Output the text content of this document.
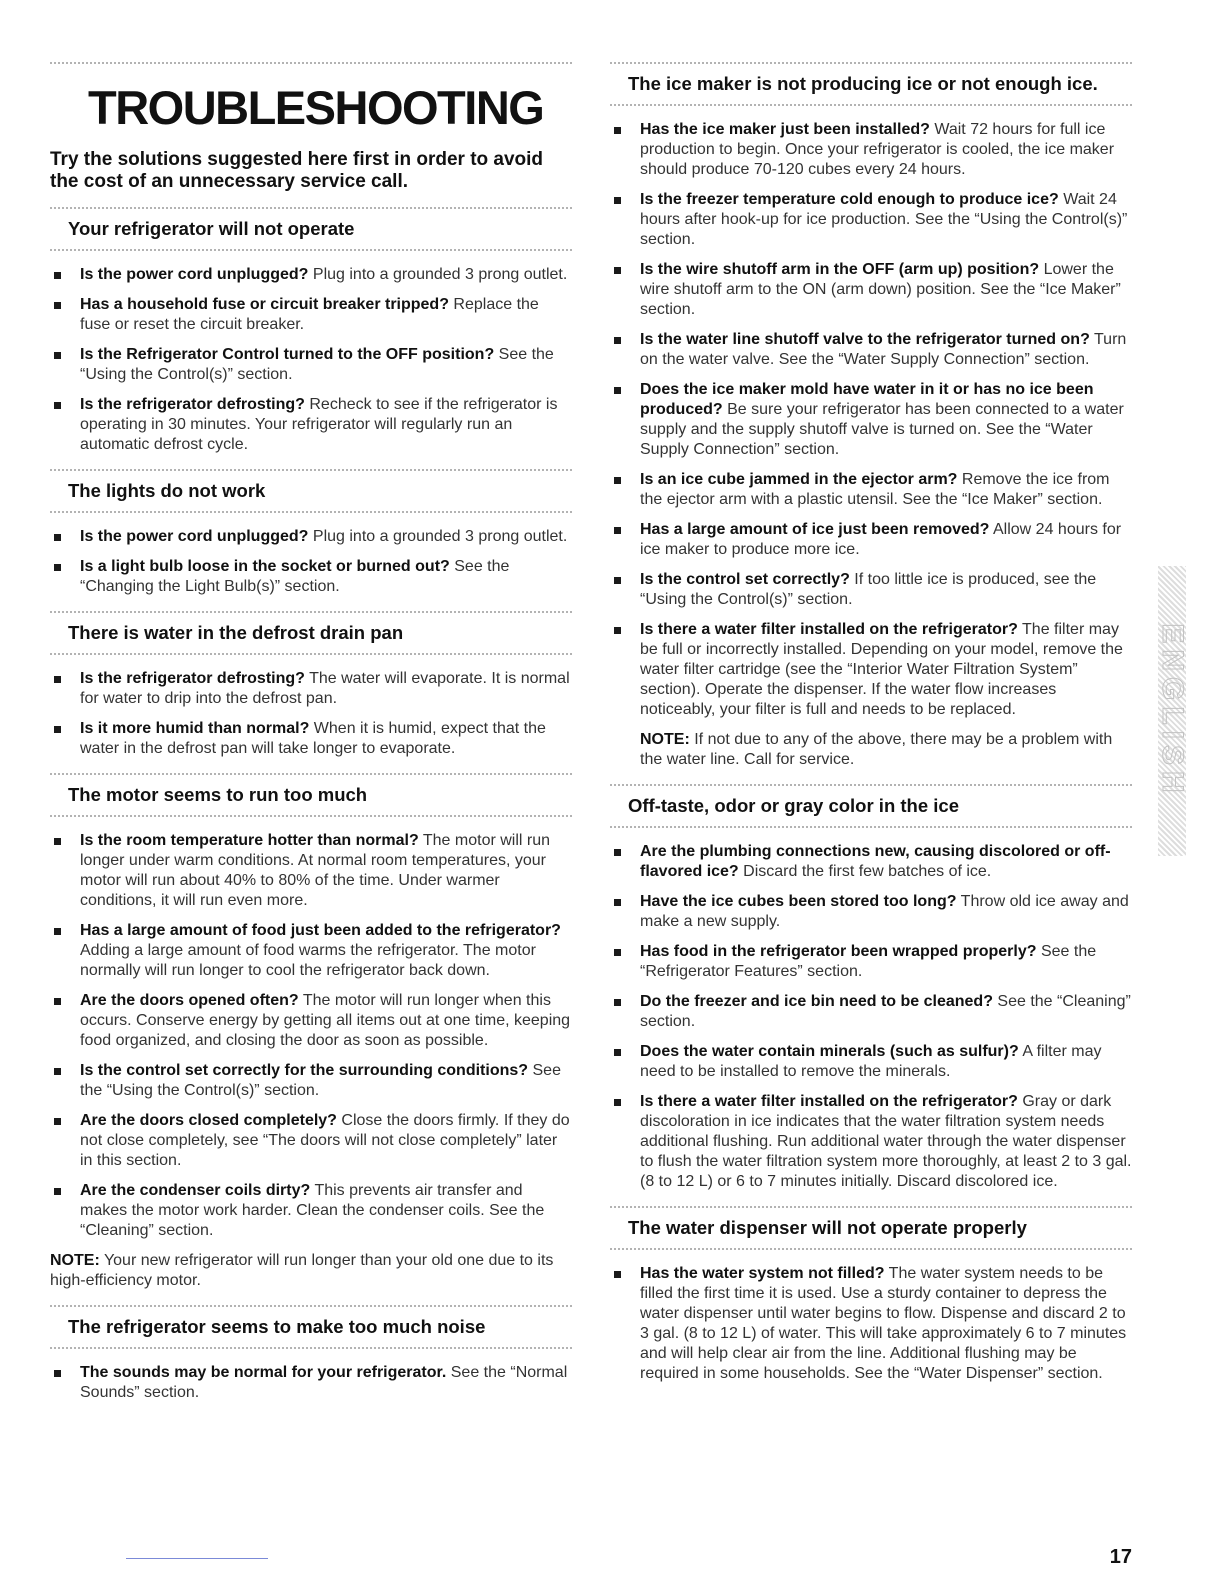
TROUBLESHOOTING

Try the solutions suggested here first in order to avoid the cost of an unnecessary service call.

Your refrigerator will not operate
Is the power cord unplugged? Plug into a grounded 3 prong outlet.
Has a household fuse or circuit breaker tripped? Replace the fuse or reset the circuit breaker.
Is the Refrigerator Control turned to the OFF position? See the “Using the Control(s)” section.
Is the refrigerator defrosting? Recheck to see if the refrigerator is operating in 30 minutes. Your refrigerator will regularly run an automatic defrost cycle.
The lights do not work
Is the power cord unplugged? Plug into a grounded 3 prong outlet.
Is a light bulb loose in the socket or burned out? See the “Changing the Light Bulb(s)” section.
There is water in the defrost drain pan
Is the refrigerator defrosting? The water will evaporate. It is normal for water to drip into the defrost pan.
Is it more humid than normal? When it is humid, expect that the water in the defrost pan will take longer to evaporate.
The motor seems to run too much
Is the room temperature hotter than normal? The motor will run longer under warm conditions. At normal room temperatures, your motor will run about 40% to 80% of the time. Under warmer conditions, it will run even more.
Has a large amount of food just been added to the refrigerator? Adding a large amount of food warms the refrigerator. The motor normally will run longer to cool the refrigerator back down.
Are the doors opened often? The motor will run longer when this occurs. Conserve energy by getting all items out at one time, keeping food organized, and closing the door as soon as possible.
Is the control set correctly for the surrounding conditions? See the “Using the Control(s)” section.
Are the doors closed completely? Close the doors firmly. If they do not close completely, see “The doors will not close completely” later in this section.
Are the condenser coils dirty? This prevents air transfer and makes the motor work harder. Clean the condenser coils. See the “Cleaning” section.

NOTE: Your new refrigerator will run longer than your old one due to its high-efficiency motor.

The refrigerator seems to make too much noise
The sounds may be normal for your refrigerator. See the “Normal Sounds” section.
The ice maker is not producing ice or not enough ice.
Has the ice maker just been installed? Wait 72 hours for full ice production to begin. Once your refrigerator is cooled, the ice maker should produce 70-120 cubes every 24 hours.
Is the freezer temperature cold enough to produce ice? Wait 24 hours after hook-up for ice production. See the “Using the Control(s)” section.
Is the wire shutoff arm in the OFF (arm up) position? Lower the wire shutoff arm to the ON (arm down) position. See the “Ice Maker” section.
Is the water line shutoff valve to the refrigerator turned on? Turn on the water valve. See the “Water Supply Connection” section.
Does the ice maker mold have water in it or has no ice been produced? Be sure your refrigerator has been connected to a water supply and the supply shutoff valve is turned on. See the “Water Supply Connection” section.
Is an ice cube jammed in the ejector arm? Remove the ice from the ejector arm with a plastic utensil. See the “Ice Maker” section.
Has a large amount of ice just been removed? Allow 24 hours for ice maker to produce more ice.
Is the control set correctly? If too little ice is produced, see the “Using the Control(s)” section.
Is there a water filter installed on the refrigerator? The filter may be full or incorrectly installed. Depending on your model, remove the water filter cartridge (see the “Interior Water Filtration System” section). Operate the dispenser. If the water flow increases noticeably, your filter is full and needs to be replaced.

NOTE: If not due to any of the above, there may be a problem with the water line. Call for service.

Off-taste, odor or gray color in the ice
Are the plumbing connections new, causing discolored or off-flavored ice? Discard the first few batches of ice.
Have the ice cubes been stored too long? Throw old ice away and make a new supply.
Has food in the refrigerator been wrapped properly? See the “Refrigerator Features” section.
Do the freezer and ice bin need to be cleaned? See the “Cleaning” section.
Does the water contain minerals (such as sulfur)? A filter may need to be installed to remove the minerals.
Is there a water filter installed on the refrigerator? Gray or dark discoloration in ice indicates that the water filtration system needs additional flushing. Run additional water through the water dispenser to flush the water filtration system more thoroughly, at least 2 to 3 gal. (8 to 12 L) or 6 to 7 minutes initially. Discard discolored ice.
The water dispenser will not operate properly
Has the water system not filled? The water system needs to be filled the first time it is used. Use a sturdy container to depress the water dispenser until water begins to flow. Dispense and discard 2 to 3 gal. (8 to 12 L) of water. This will take approximately 6 to 7 minutes and will help clear air from the line. Additional flushing may be required in some households. See the “Water Dispenser” section.
ENGLISH
17
